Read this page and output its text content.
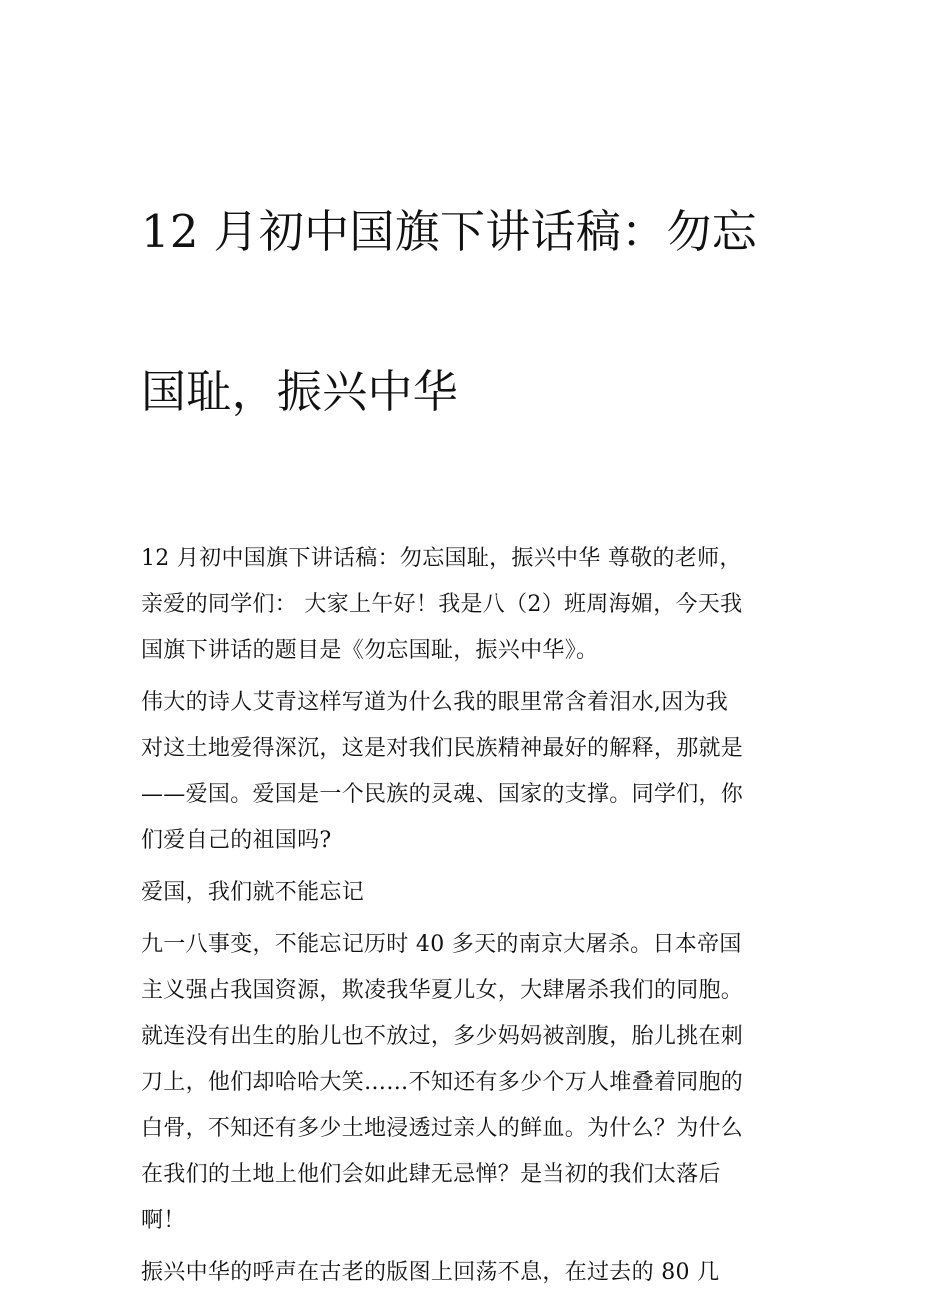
12 月初中国旗下讲话稿：勿忘

国耻，振兴中华

12 月初中国旗下讲话稿：勿忘国耻，振兴中华 尊敬的老师，
亲爱的同学们： 大家上午好！我是八（2）班周海媚，今天我
国旗下讲话的题目是《勿忘国耻，振兴中华》。
伟大的诗人艾青这样写道为什么我的眼里常含着泪水,因为我
对这土地爱得深沉，这是对我们民族精神最好的解释，那就是
——爱国。爱国是一个民族的灵魂、国家的支撑。同学们，你
们爱自己的祖国吗?
爱国，我们就不能忘记
九一八事变，不能忘记历时 40 多天的南京大屠杀。日本帝国
主义强占我国资源，欺凌我华夏儿女，大肆屠杀我们的同胞。
就连没有出生的胎儿也不放过，多少妈妈被剖腹，胎儿挑在刺
刀上，他们却哈哈大笑……不知还有多少个万人堆叠着同胞的
白骨，不知还有多少土地浸透过亲人的鲜血。为什么？为什么
在我们的土地上他们会如此肆无忌惮？是当初的我们太落后
啊！
振兴中华的呼声在古老的版图上回荡不息，在过去的 80 几
